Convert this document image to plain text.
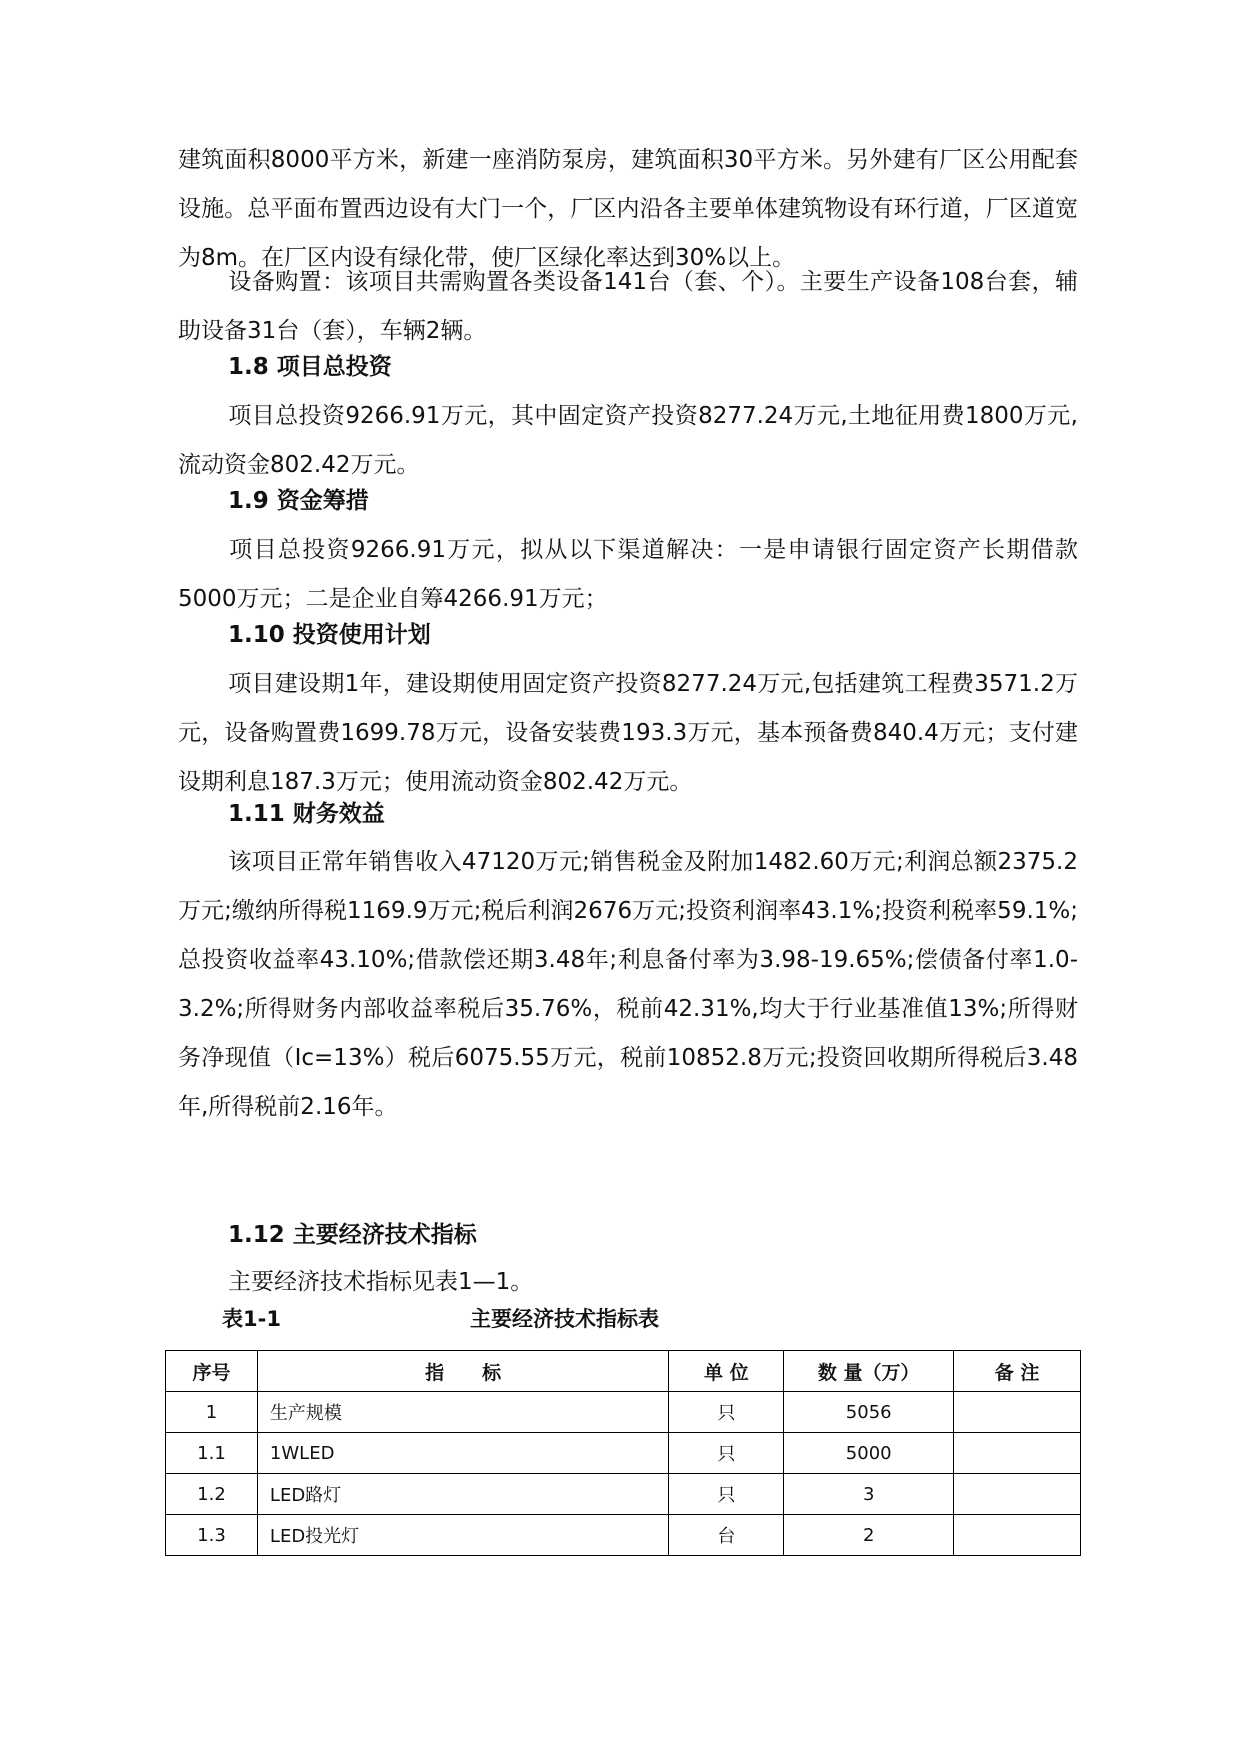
建筑面积8000平方米，新建一座消防泵房，建筑面积30平方米。另外建有厂区公用配套设施。总平面布置西边设有大门一个，厂区内沿各主要单体建筑物设有环行道，厂区道宽为8m。在厂区内设有绿化带，使厂区绿化率达到30%以上。

设备购置：该项目共需购置各类设备141台（套、个）。主要生产设备108台套，辅助设备31台（套），车辆2辆。

1.8 项目总投资

项目总投资9266.91万元，其中固定资产投资8277.24万元,土地征用费1800万元,流动资金802.42万元。

1.9 资金筹措

项目总投资9266.91万元，拟从以下渠道解决：一是申请银行固定资产长期借款5000万元；二是企业自筹4266.91万元；

1.10 投资使用计划

项目建设期1年，建设期使用固定资产投资8277.24万元,包括建筑工程费3571.2万元，设备购置费1699.78万元，设备安装费193.3万元，基本预备费840.4万元；支付建设期利息187.3万元；使用流动资金802.42万元。

1.11 财务效益

该项目正常年销售收入47120万元;销售税金及附加1482.60万元;利润总额2375.2万元;缴纳所得税1169.9万元;税后利润2676万元;投资利润率43.1%;投资利税率59.1%;总投资收益率43.10%;借款偿还期3.48年;利息备付率为3.98-19.65%;偿债备付率1.0-3.2%;所得财务内部收益率税后35.76%，税前42.31%,均大于行业基准值13%;所得财务净现值（Ic=13%）税后6075.55万元，税前10852.8万元;投资回收期所得税后3.48年,所得税前2.16年。

1.12 主要经济技术指标

主要经济技术指标见表1—1。

表1-1	主要经济技术指标表
序号	指　　标	单 位	数 量（万）	备 注
1	生产规模	只	5056	
1.1	1WLED	只	5000	
1.2	LED路灯	只	3	
1.3	LED投光灯	台	2	
